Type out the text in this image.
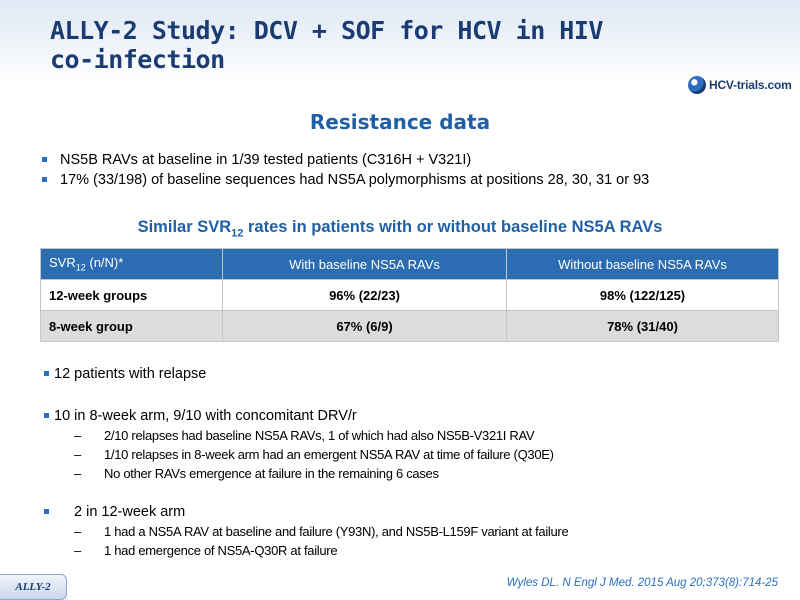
ALLY-2 Study: DCV + SOF for HCV in HIV
co-infection
HCV-trials.com
Resistance data
NS5B RAVs at baseline in 1/39 tested patients (C316H + V321I)
17% (33/198) of baseline sequences had NS5A polymorphisms at positions 28, 30, 31 or 93
Similar $SVR_{12}$ rates in patients with or without baseline NS5A RAVs
$SVR_{12}$ (n/N)*	With baseline NS5A RAVs	Without baseline NS5A RAVs
12-week groups	96% (22/23)	98% (122/125)
8-week group	67% (6/9)	78% (31/40)
12 patients with relapse
10 in 8-week arm, 9/10 with concomitant DRV/r
– 2/10 relapses had baseline NS5A RAVs, 1 of which had also NS5B-V321I RAV
– 1/10 relapses in 8-week arm had an emergent NS5A RAV at time of failure (Q30E)
– No other RAVs emergence at failure in the remaining 6 cases
2 in 12-week arm
– 1 had a NS5A RAV at baseline and failure (Y93N), and NS5B-L159F variant at failure
– 1 had emergence of NS5A-Q30R at failure
ALLY-2	Wyles DL. N Engl J Med. 2015 Aug 20;373(8):714-25
